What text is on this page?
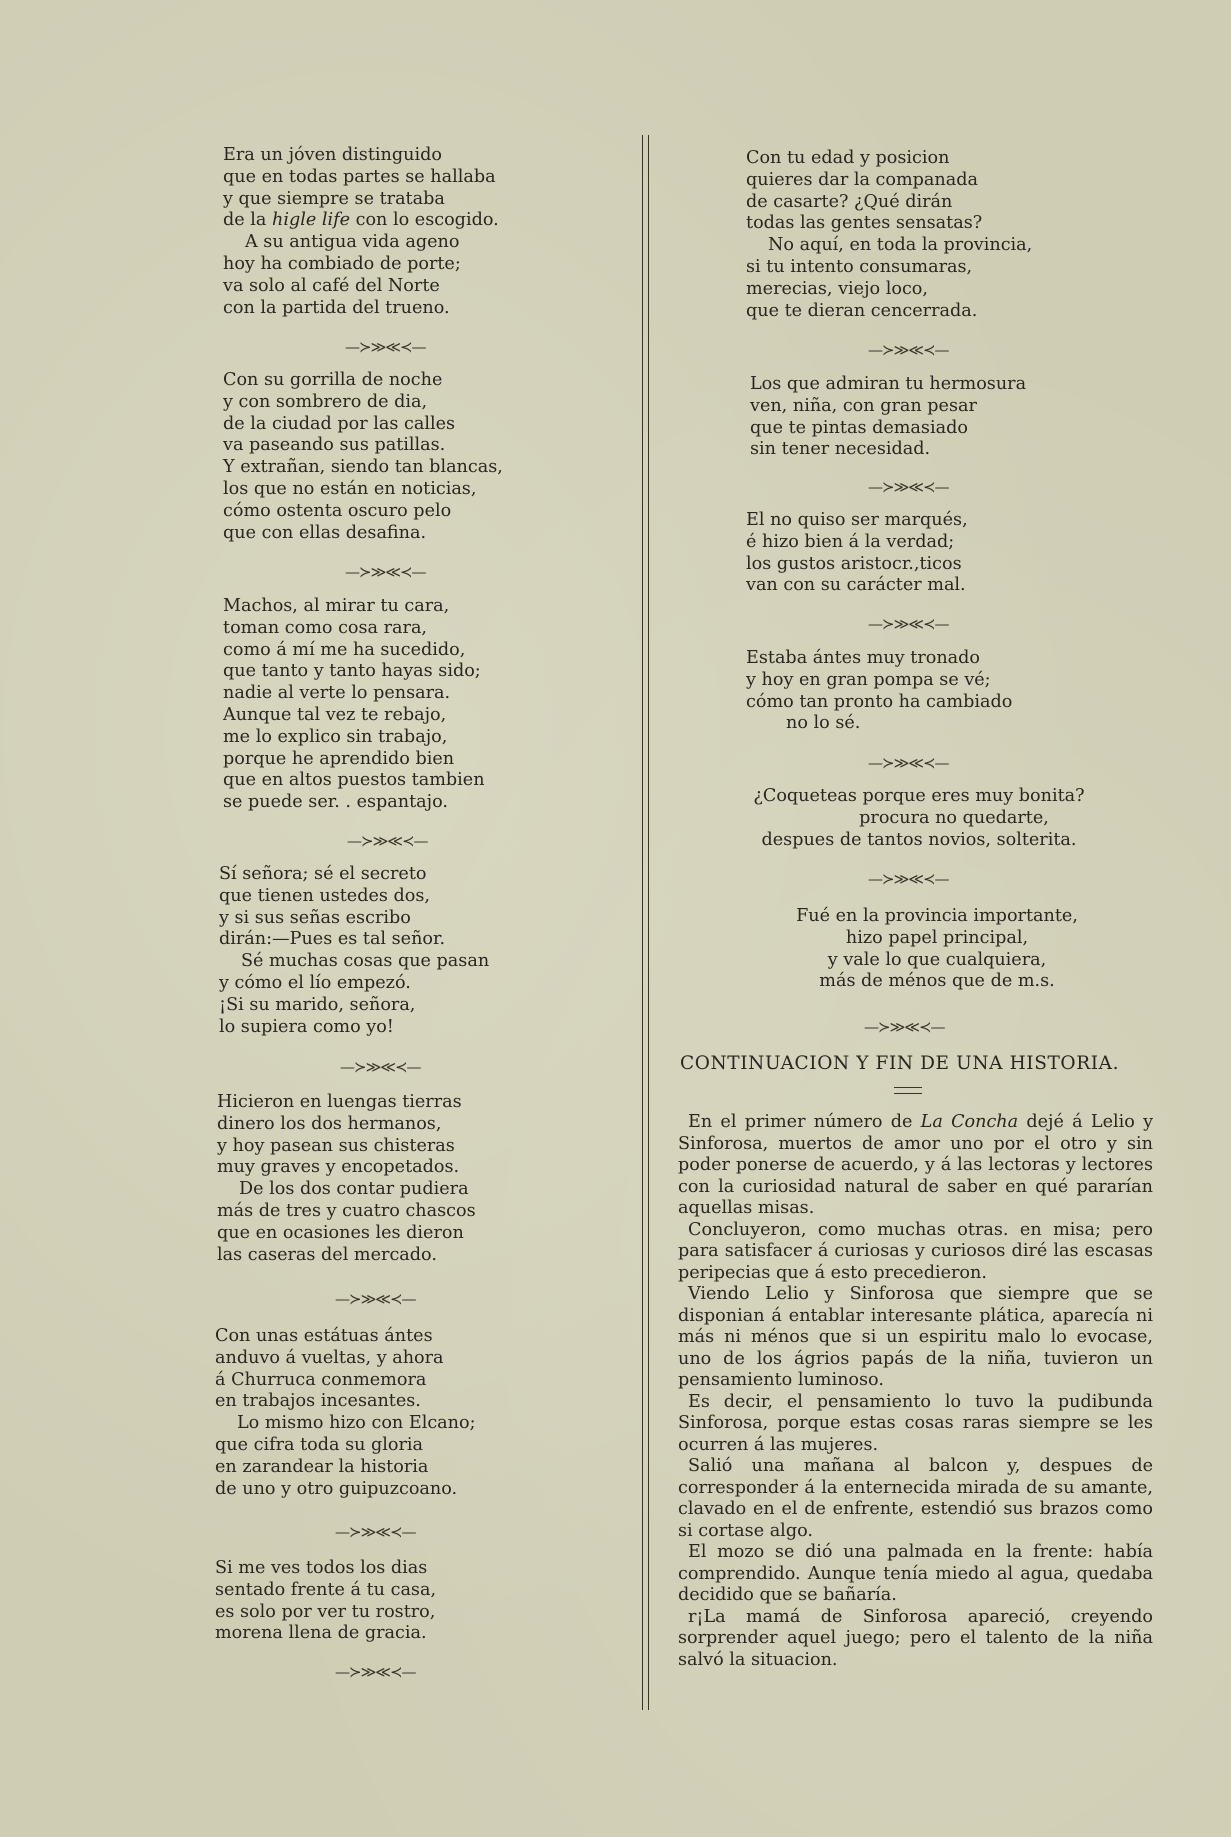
Era un jóven distinguido
que en todas partes se hallaba
y que siempre se trataba
de la higle life con lo escogido.
A su antigua vida ageno
hoy ha combiado de porte;
va solo al café del Norte
con la partida del trueno.
—≻≫≪≺—
Con su gorrilla de noche
y con sombrero de dia,
de la ciudad por las calles
va paseando sus patillas.
Y extrañan, siendo tan blancas,
los que no están en noticias,
cómo ostenta oscuro pelo
que con ellas desafina.
—≻≫≪≺—
Machos, al mirar tu cara,
toman como cosa rara,
como á mí me ha sucedido,
que tanto y tanto hayas sido;
nadie al verte lo pensara.
Aunque tal vez te rebajo,
me lo explico sin trabajo,
porque he aprendido bien
que en altos puestos tambien
se puede ser. . espantajo.
—≻≫≪≺—
Sí señora; sé el secreto
que tienen ustedes dos,
y si sus señas escribo
dirán:—Pues es tal señor.
Sé muchas cosas que pasan
y cómo el lío empezó.
¡Si su marido, señora,
lo supiera como yo!
—≻≫≪≺—
Hicieron en luengas tierras
dinero los dos hermanos,
y hoy pasean sus chisteras
muy graves y encopetados.
De los dos contar pudiera
más de tres y cuatro chascos
que en ocasiones les dieron
las caseras del mercado.
—≻≫≪≺—
Con unas estátuas ántes
anduvo á vueltas, y ahora
á Churruca conmemora
en trabajos incesantes.
Lo mismo hizo con Elcano;
que cifra toda su gloria
en zarandear la historia
de uno y otro guipuzcoano.
—≻≫≪≺—
Si me ves todos los dias
sentado frente á tu casa,
es solo por ver tu rostro,
morena llena de gracia.
—≻≫≪≺—
Con tu edad y posicion
quieres dar la companada
de casarte? ¿Qué dirán
todas las gentes sensatas?
No aquí, en toda la provincia,
si tu intento consumaras,
merecias, viejo loco,
que te dieran cencerrada.
—≻≫≪≺—
Los que admiran tu hermosura
ven, niña, con gran pesar
que te pintas demasiado
sin tener necesidad.
—≻≫≪≺—
El no quiso ser marqués,
é hizo bien á la verdad;
los gustos aristocr.,ticos
van con su carácter mal.
—≻≫≪≺—
Estaba ántes muy tronado
y hoy en gran pompa se vé;
cómo tan pronto ha cambiado
no lo sé.
—≻≫≪≺—
¿Coqueteas porque eres muy bonita?
procura no quedarte,
despues de tantos novios, solterita.
—≻≫≪≺—
Fué en la provincia importante,
hizo papel principal,
y vale lo que cualquiera,
más de ménos que de m.s.
—≻≫≪≺—
CONTINUACION Y FIN DE UNA HISTORIA.
En el primer número de La Concha dejé á Lelio y Sinforosa, muertos de amor uno por el otro y sin poder ponerse de acuerdo, y á las lectoras y lectores con la curiosidad natural de saber en qué pararían aquellas misas.
Concluyeron, como muchas otras. en misa; pero para satisfacer á curiosas y curiosos diré las escasas peripecias que á esto precedieron.
Viendo Lelio y Sinforosa que siempre que se disponian á entablar interesante plática, aparecía ni más ni ménos que si un espiritu malo lo evocase, uno de los ágrios papás de la niña, tuvieron un pensamiento luminoso.
Es decir, el pensamiento lo tuvo la pudibunda Sinforosa, porque estas cosas raras siempre se les ocurren á las mujeres.
Salió una mañana al balcon y, despues de corresponder á la enternecida mirada de su amante, clavado en el de enfrente, estendió sus brazos como si cortase algo.
El mozo se dió una palmada en la frente: había comprendido. Aunque tenía miedo al agua, quedaba decidido que se bañaría.
r¡La mamá de Sinforosa apareció, creyendo sorprender aquel juego; pero el talento de la niña salvó la situacion.
